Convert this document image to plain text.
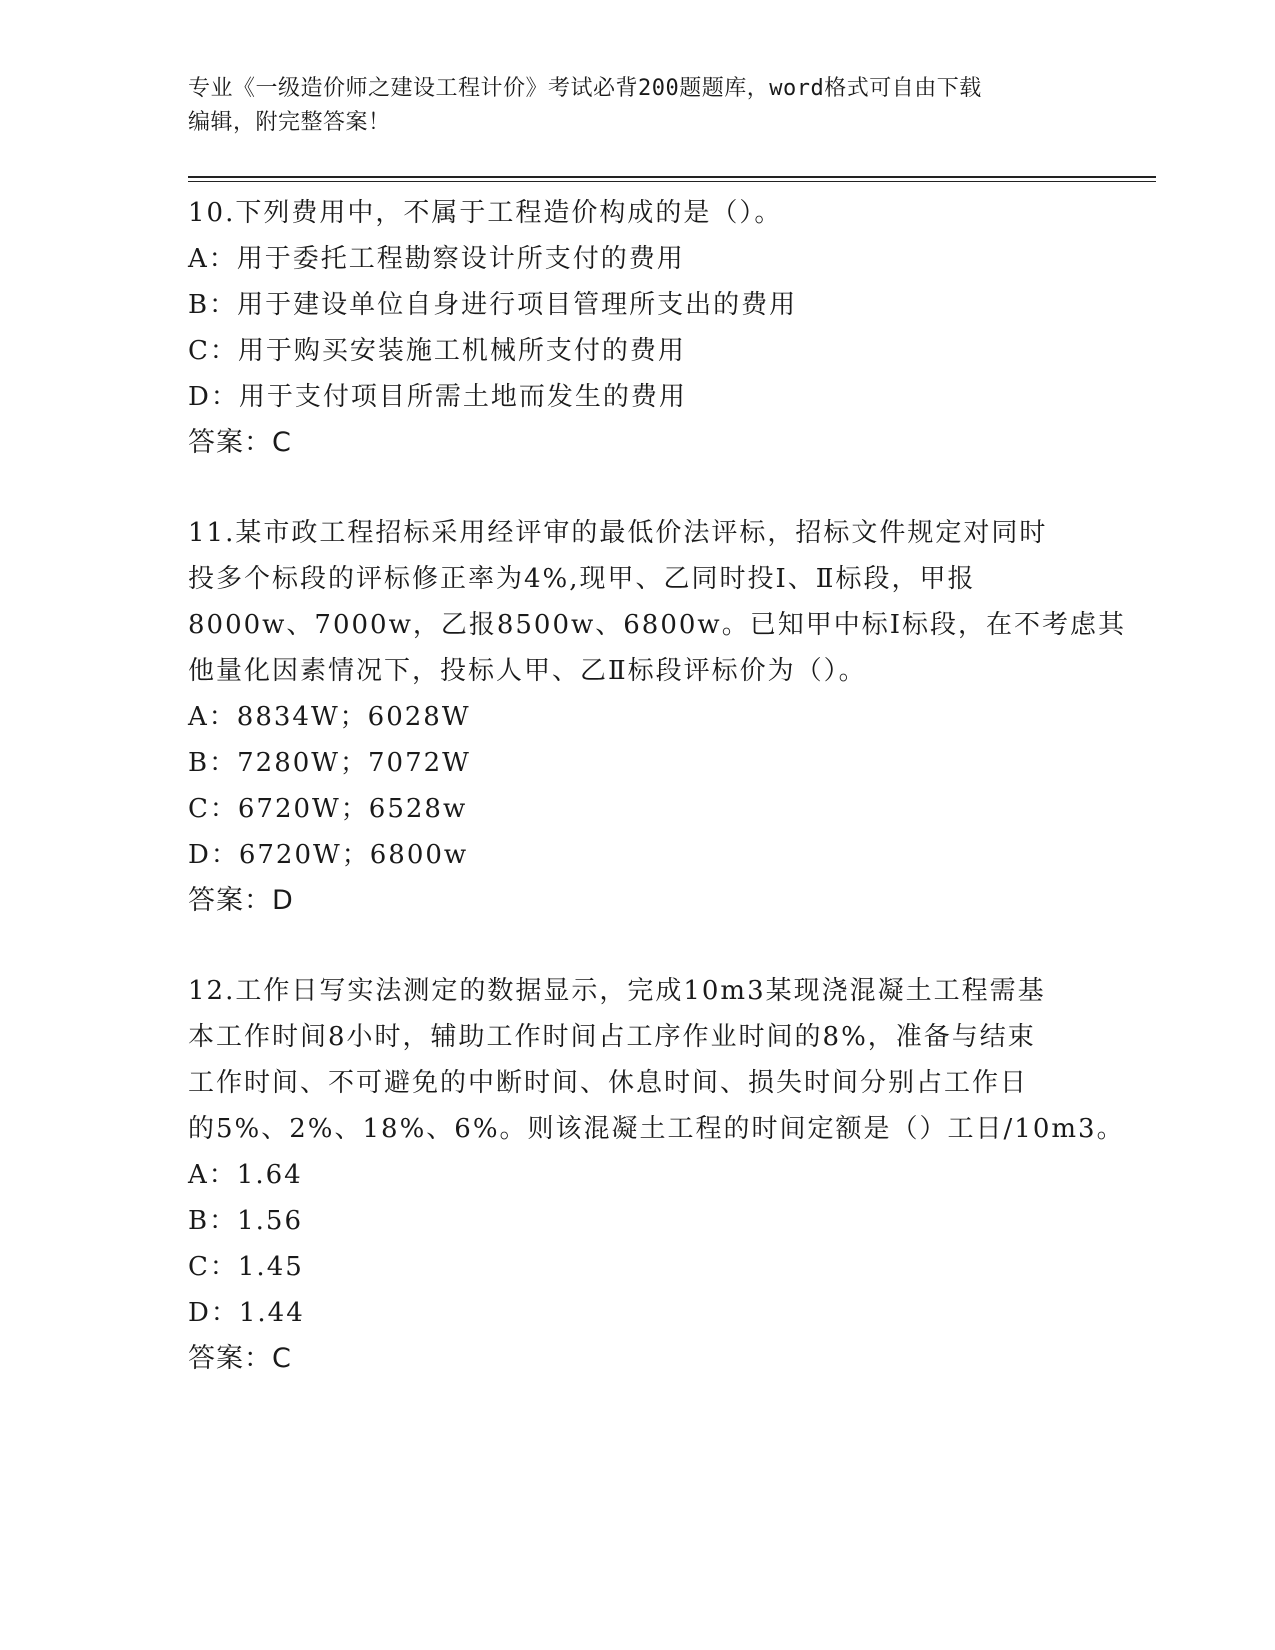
专业《一级造价师之建设工程计价》考试必背200题题库，word格式可自由下载
编辑，附完整答案！
10.下列费用中，不属于工程造价构成的是（）。
A：用于委托工程勘察设计所支付的费用
B：用于建设单位自身进行项目管理所支出的费用
C：用于购买安装施工机械所支付的费用
D：用于支付项目所需土地而发生的费用
答案：C
11.某市政工程招标采用经评审的最低价法评标，招标文件规定对同时
投多个标段的评标修正率为4%,现甲、乙同时投Ⅰ、Ⅱ标段，甲报
8000w、7000w，乙报8500w、6800w。已知甲中标Ⅰ标段，在不考虑其
他量化因素情况下，投标人甲、乙Ⅱ标段评标价为（）。
A：8834W；6028W
B：7280W；7072W
C：6720W；6528w
D：6720W；6800w
答案：D
12.工作日写实法测定的数据显示，完成10m3某现浇混凝土工程需基
本工作时间8小时，辅助工作时间占工序作业时间的8%，准备与结束
工作时间、不可避免的中断时间、休息时间、损失时间分别占工作日
的5%、2%、18%、6%。则该混凝土工程的时间定额是（）工日/10m3。
A：1.64
B：1.56
C：1.45
D：1.44
答案：C
